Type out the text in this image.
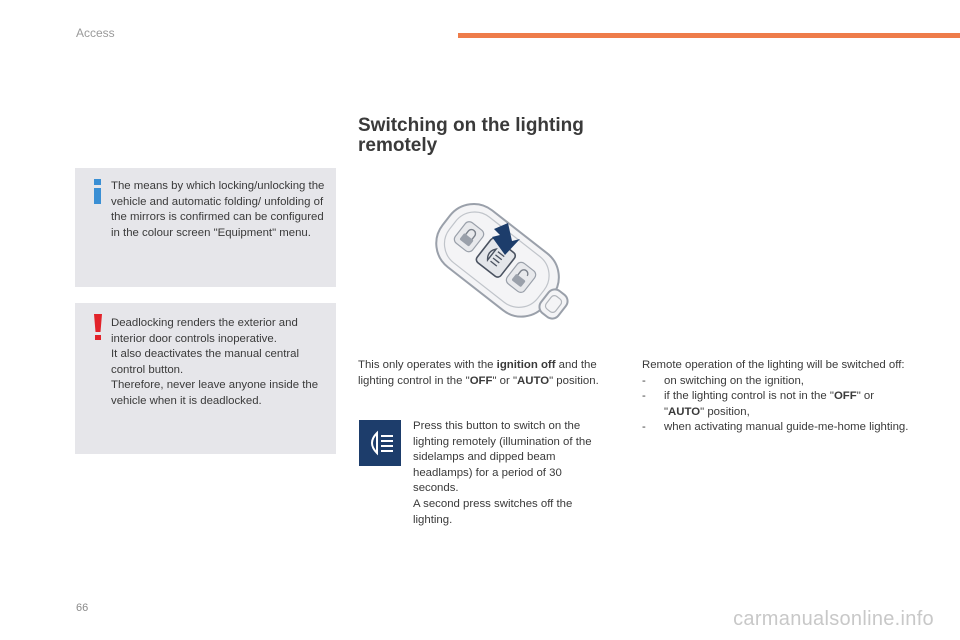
Access
The means by which locking/unlocking the vehicle and automatic folding/ unfolding of the mirrors is confirmed can be configured in the colour screen "Equipment" menu.
Deadlocking renders the exterior and interior door controls inoperative.
It also deactivates the manual central control button.
Therefore, never leave anyone inside the vehicle when it is deadlocked.
Switching on the lighting remotely
This only operates with the ignition off and the lighting control in the "OFF" or "AUTO" position.
Press this button to switch on the lighting remotely (illumination of the sidelamps and dipped beam headlamps) for a period of 30 seconds.
A second press switches off the lighting.
Remote operation of the lighting will be switched off:
-	on switching on the ignition,
-	if the lighting control is not in the "OFF" or "AUTO" position,
-	when activating manual guide-me-home lighting.
66	carmanualsonline.info
